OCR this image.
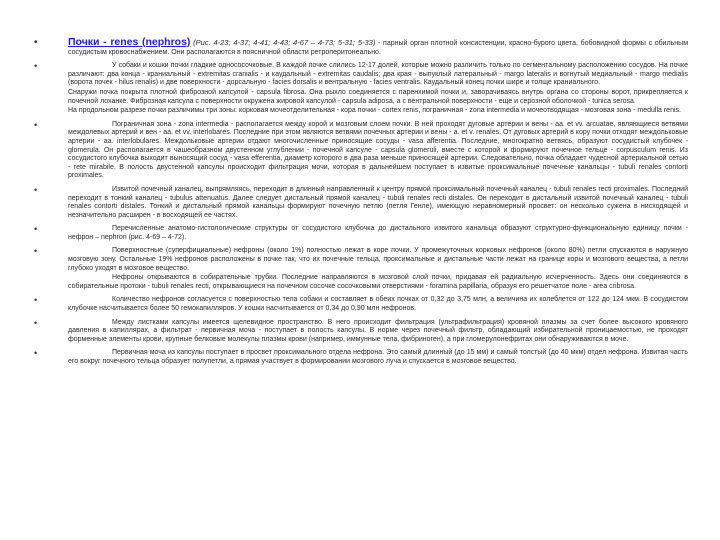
•	Почки - renes (nephros) (Рис. 4-23; 4-37; 4-41; 4-43; 4-67 – 4-73; 5-31; 5-33) - парный орган плотной консистенции, красно-бурого цвета, бобовидной формы с обильным сосудистым кровоснабжением. Они располагаются в поясничной области ретроперитонеально.
•	У собаки и кошки почки гладкие однососочковые. В каждой почке слились 12-17 долей, которые можно различить только по сегментальному расположению сосудов. На почке различают: два конца - краниальный - extremitas cranialis - и каудальный - extremitas caudalis; два края - выпуклый латеральный - margo lateralis и вогнутый медиальный - margo medialis (ворота почек - hilus renalis) и две поверхности - дорсальную - facies dorsalis и вентральную - facies ventralis. Каудальный конец почки шире и толще краниального.

Снаружи почка покрыта плотной фиброзной капсулой - capsula fibrosa. Она рыхло соединяется с паренхимой почки и, заворачиваясь внутрь органа со стороны ворот, прикрепляется к почечной лоханке. Фиброзная капсула с поверхности окружена жировой капсулой - capsula adiposa, а с вентральной поверхности - еще и серозной оболочкой - tunica serosa.

На продольном разрезе почки различимы три зоны: корковая мочеотделительная - кора почки - cortex renis, пограничная - zona intermedia и мочеотводящая - мозговая зона - medulla renis.

•	Пограничная зона - zona intermedia - располагается между корой и мозговым слоем почки. В ней проходят дуговые артерии и вены - aa. et vv. arcuatae, являющиеся ветвями междолевых артерий и вен - aa. et vv. interlobares. Последние при этом являются ветвями почечных артерии и вены - a. et v. renales. От дуговых артерий в кору почки отходят междольковые артерии - aa. interlobulares. Междольковые артерии отдают многочисленные приносящие сосуды - vasa afferentia. Последние, многократно ветвясь, образуют сосудистый клубочек - glomerula. Он располагается в чашеобразном двустенном углублении - почечной капсуле - capsula glomeruli, вместе с которой и формируют почечное тельце - corpusculum renis. Из сосудистого клубочка выходит выносящий сосуд - vasa efferentia, диаметр которого в два раза меньше приносящей артерии. Следовательно, почка обладает чудесной артериальной сетью - rete mirabile. В полость двустенной капсулы происходит фильтрация мочи, которая в дальнейшем поступает в извитые проксимальные почечные канальцы - tubuli renales contorti proximales.

•	Извитой почечный каналец, выпрямляясь, переходит в длинный направленный к центру прямой проксимальный почечный каналец - tubuli renales recti proximales. Последний переходит в тонкий каналец - tubulus attenuatus. Далее следует дистальный прямой каналец - tubuli renales recti distales. Он переходит в дистальный извитой почечный каналец - tubuli renales contorti distales. Тонкий и дистальный прямой канальцы формируют почечную петлю (петля Генле), имеющую неравномерный просвет: он несколько сужена в нисходящей и незначительно расширен - в восходящей ее частях.

•	Перечисленные анатомо-гистологические структуры от сосудистого клубочка до дистального извитого канальца образуют структурно-функциональную единицу почки - нефрон – nephron (рис. 4-69 – 4-72).

•	Поверхностные (суперфициальные) нефроны (около 1%) полностью лежат в коре почки. У промежуточных корковых нефронов (около 80%) петли спускаются в наружную мозговую зону. Остальные 19% нефронов расположены в почке так, что их почечные тельца, проксимальные и дистальные части лежат на границе коры и мозгового вещества, а петли глубоко уходят в мозговое вещество.

Нефроны открываются в собирательные трубки. Последние направляются в мозговой слой почки, придавая ей радиальную исчерченность. Здесь они соединяются в собирательные протоки - tubuli renales recti, открывающиеся на почечном сосочке сосочковыми отверстиями - foramina papillaria, образуя его решетчатое поле - area cribrosa.

•	Количество нефронов согласуется с поверхностью тела собаки и составляет в обеих почках от 0,32 до 3,75 млн, а величина их колеблется от 122 до 124 мкм. В сосудистом клубочке насчитывается более 50 гемокапилляров. У кошки насчитывается от 0,34 до 0,90 млн нефронов.

•	Между листками капсулы имеется щелевидное пространство. В него происходит фильтрация (ультрафильтрация) кровяной плазмы за счет более высокого кровяного давления в капиллярах, а фильтрат - первичная моча - поступает в полость капсулы. В норме через почечный фильтр, обладающий избирательной проницаемостью, не проходят форменные элементы крови, крупные белковые молекулы плазмы крови (например, иммунные тела, фибриноген), а при гломерулонефритах они обнаруживаются в моче.

•	Первичная моча из капсулы поступает в просвет проксимального отдела нефрона. Это самый длинный (до 15 мм) и самый толстый (до 40 мкм) отдел нефрона. Извитая часть его вокруг почечного тельца образует полупетли, а прямая участвует в формировании мозгового луча и спускается в мозговое вещество.
